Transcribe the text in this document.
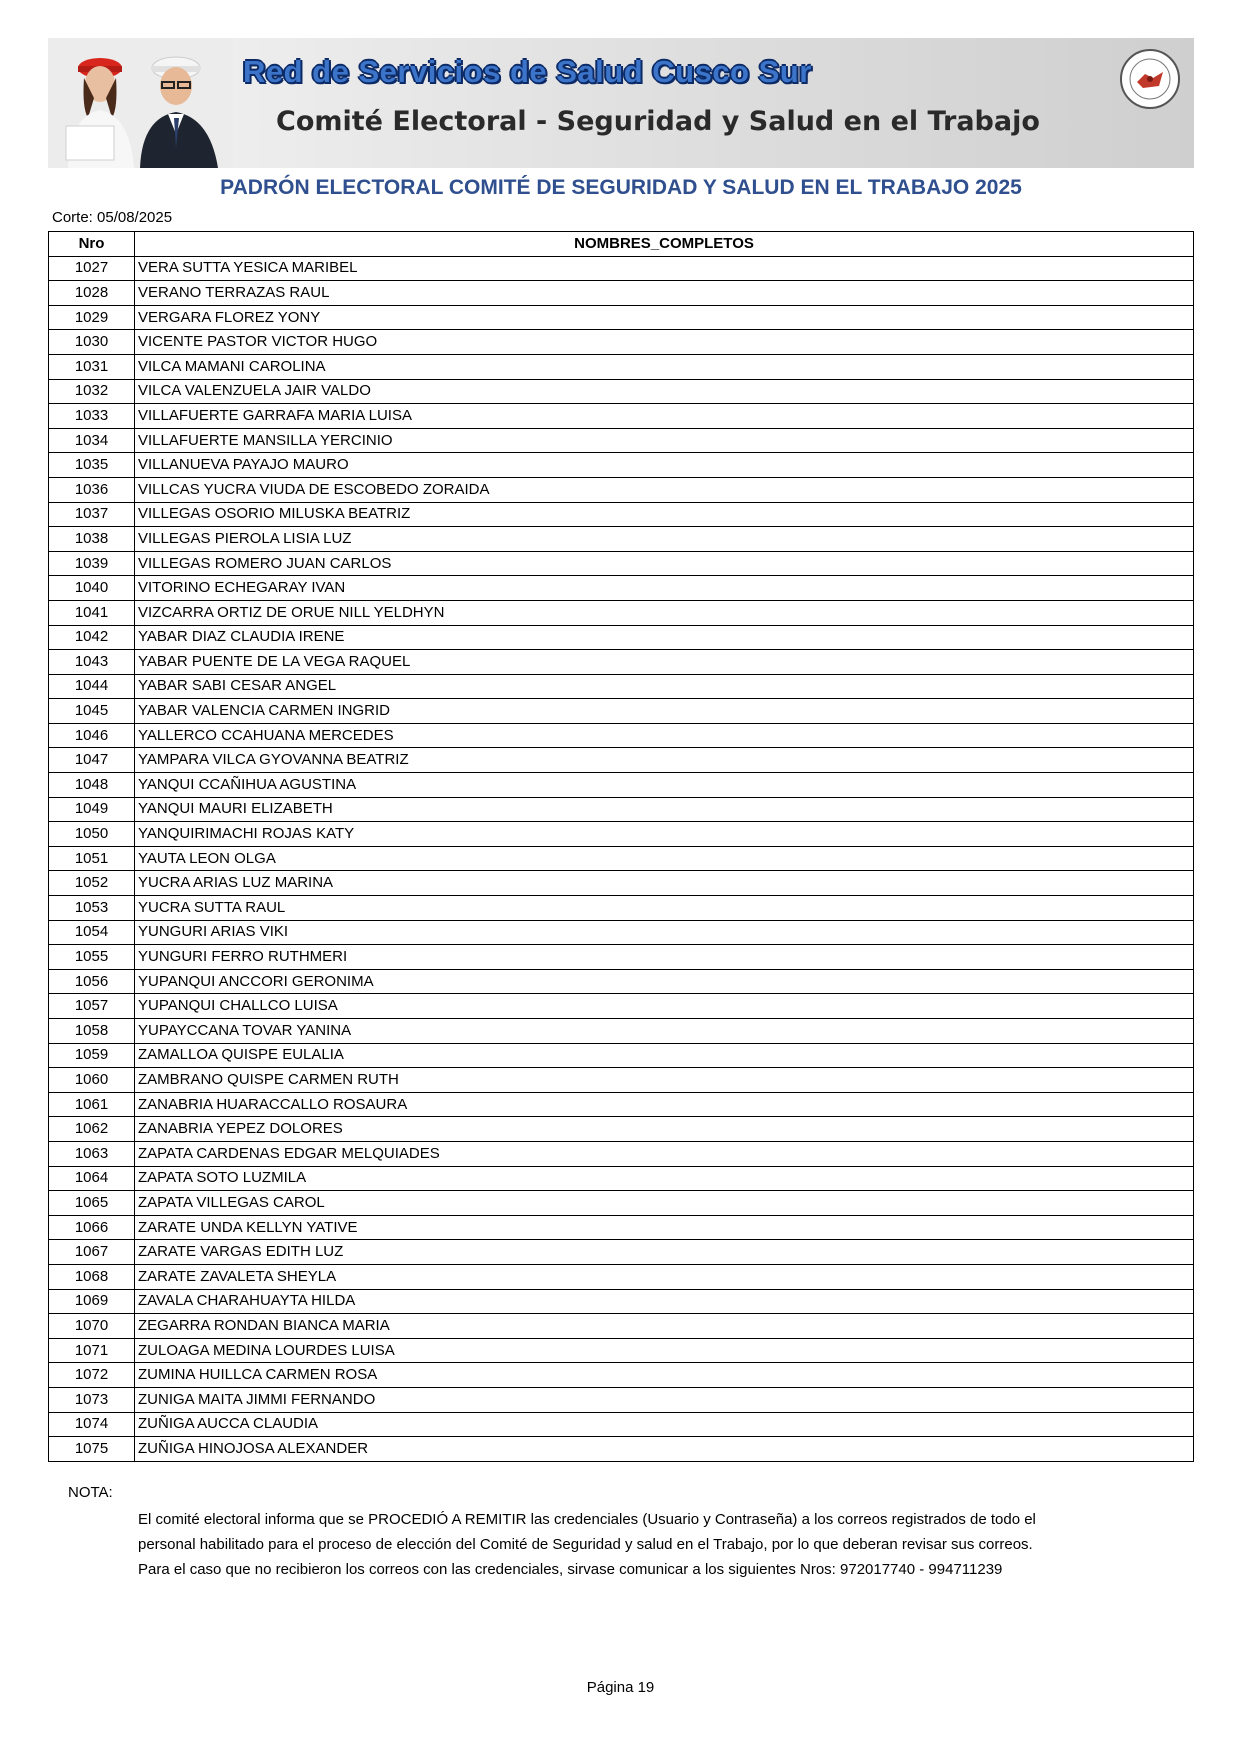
Red de Servicios de Salud Cusco Sur
Comité Electoral - Seguridad y Salud en el Trabajo
PADRÓN ELECTORAL COMITÉ DE SEGURIDAD Y SALUD EN EL TRABAJO 2025
Corte: 05/08/2025
Nro	NOMBRES_COMPLETOS
1027	VERA SUTTA YESICA MARIBEL
1028	VERANO TERRAZAS RAUL
1029	VERGARA FLOREZ YONY
1030	VICENTE PASTOR VICTOR HUGO
1031	VILCA MAMANI CAROLINA
1032	VILCA VALENZUELA JAIR VALDO
1033	VILLAFUERTE GARRAFA MARIA LUISA
1034	VILLAFUERTE MANSILLA YERCINIO
1035	VILLANUEVA PAYAJO MAURO
1036	VILLCAS YUCRA VIUDA DE ESCOBEDO ZORAIDA
1037	VILLEGAS OSORIO MILUSKA BEATRIZ
1038	VILLEGAS PIEROLA LISIA LUZ
1039	VILLEGAS ROMERO JUAN CARLOS
1040	VITORINO ECHEGARAY IVAN
1041	VIZCARRA ORTIZ DE ORUE NILL YELDHYN
1042	YABAR DIAZ CLAUDIA IRENE
1043	YABAR PUENTE DE LA VEGA RAQUEL
1044	YABAR SABI CESAR ANGEL
1045	YABAR VALENCIA CARMEN INGRID
1046	YALLERCO CCAHUANA MERCEDES
1047	YAMPARA VILCA GYOVANNA BEATRIZ
1048	YANQUI CCAÑIHUA AGUSTINA
1049	YANQUI MAURI ELIZABETH
1050	YANQUIRIMACHI ROJAS KATY
1051	YAUTA LEON OLGA
1052	YUCRA ARIAS LUZ MARINA
1053	YUCRA SUTTA RAUL
1054	YUNGURI ARIAS VIKI
1055	YUNGURI FERRO RUTHMERI
1056	YUPANQUI ANCCORI GERONIMA
1057	YUPANQUI CHALLCO LUISA
1058	YUPAYCCANA TOVAR YANINA
1059	ZAMALLOA QUISPE EULALIA
1060	ZAMBRANO QUISPE CARMEN RUTH
1061	ZANABRIA HUARACCALLO ROSAURA
1062	ZANABRIA YEPEZ DOLORES
1063	ZAPATA CARDENAS EDGAR MELQUIADES
1064	ZAPATA SOTO LUZMILA
1065	ZAPATA VILLEGAS CAROL
1066	ZARATE UNDA KELLYN YATIVE
1067	ZARATE VARGAS EDITH LUZ
1068	ZARATE ZAVALETA SHEYLA
1069	ZAVALA CHARAHUAYTA HILDA
1070	ZEGARRA RONDAN BIANCA MARIA
1071	ZULOAGA MEDINA LOURDES LUISA
1072	ZUMINA HUILLCA CARMEN ROSA
1073	ZUNIGA MAITA JIMMI FERNANDO
1074	ZUÑIGA AUCCA CLAUDIA
1075	ZUÑIGA HINOJOSA ALEXANDER
NOTA:
El comité electoral informa que se PROCEDIÓ A REMITIR las credenciales (Usuario y Contraseña) a los correos registrados de todo el
personal habilitado para el proceso de elección del Comité de Seguridad y salud en el Trabajo, por lo que deberan revisar sus correos.
Para el caso que no recibieron los correos con las credenciales, sirvase comunicar a los siguientes Nros: 972017740 - 994711239
Página 19
